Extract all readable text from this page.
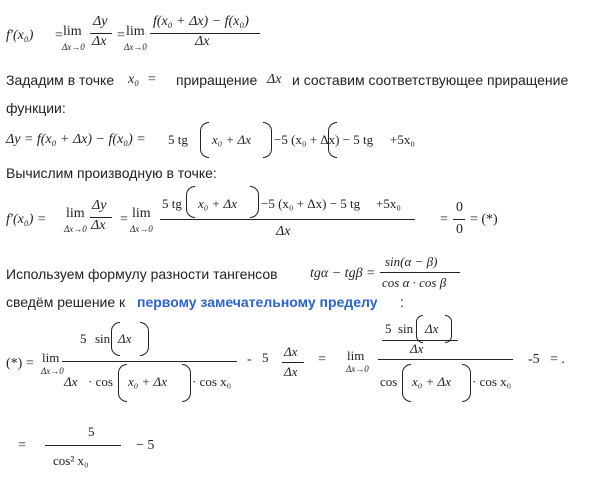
f′(x₀) = lim
Δx→0
Δy
Δx = lim
Δx→0
f(x₀ + Δx) − f(x₀)
Δx
Зададим в точке x₀ = приращение Δx и составим соответствующее приращение
функции:
Δy = f(x₀ + Δx) − f(x₀) = 5 tg x₀ + Δx −5 (x₀ + Δx) − 5 tg +5x₀
Вычислим производную в точке:
f′(x₀) = lim
Δx→0
Δy
Δx = lim
Δx→0
5 tg x₀ + Δx −5 (x₀ + Δx) − 5 tg +5x₀
Δx
=
0
0
= (*)
Используем формулу разности тангенсов tgα − tgβ =
sin(α − β)
cos α · cos β
сведём решение к первому замечательному пределу :
(*) = lim
Δx→0
5 sin Δx
Δx · cos x₀ + Δx · cos x₀
- 5 Δx
Δx
= lim
Δx→0
5 sin Δx
Δx
cos x₀ + Δx · cos x₀
-5 = .
=
5
cos² x₀
− 5
